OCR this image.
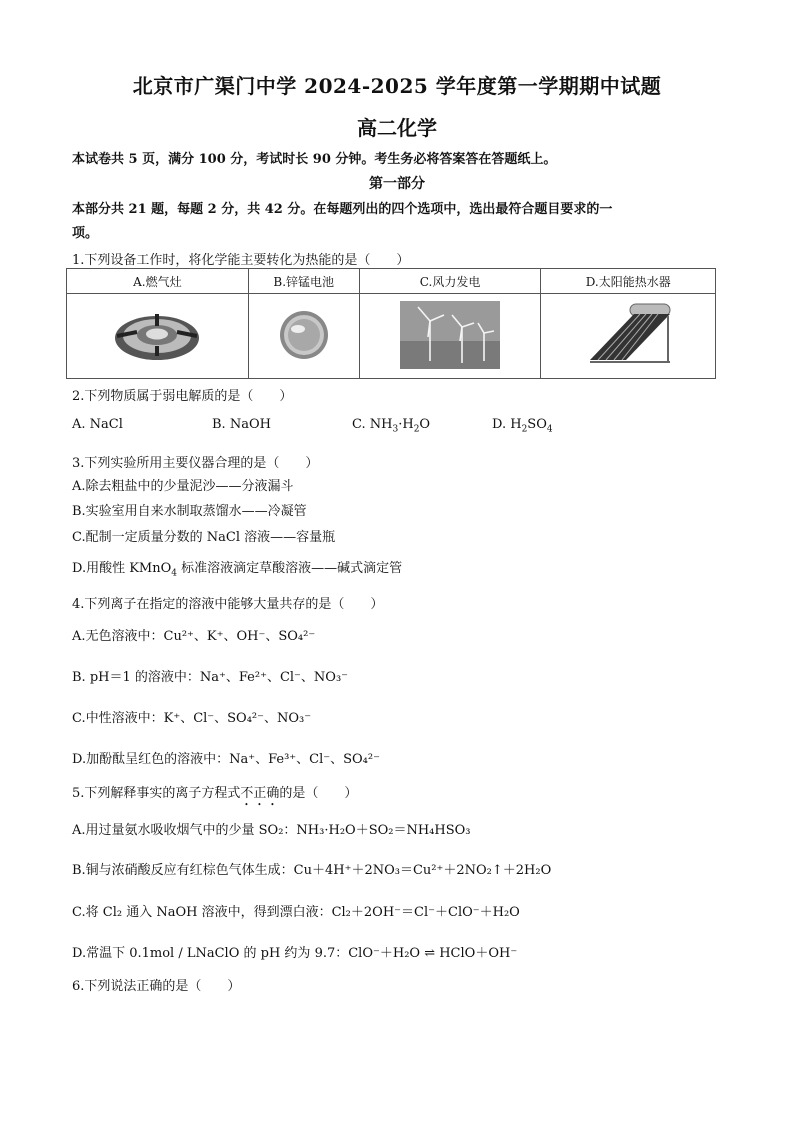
北京市广渠门中学 2024-2025 学年度第一学期期中试题
高二化学
本试卷共 5 页，满分 100 分，考试时长 90 分钟。考生务必将答案答在答题纸上。
第一部分
本部分共 21 题，每题 2 分，共 42 分。在每题列出的四个选项中，选出最符合题目要求的一
项。
1.下列设备工作时，将化学能主要转化为热能的是（　　）
A.燃气灶	B.锌锰电池	C.风力发电	D.太阳能热水器

2.下列物质属于弱电解质的是（　　）
A. NaCl	B. NaOH	C. $NH_3\cdot H_2O$	D. $H_2SO_4$
3.下列实验所用主要仪器合理的是（　　）
A.除去粗盐中的少量泥沙——分液漏斗
B.实验室用自来水制取蒸馏水——冷凝管
C.配制一定质量分数的 NaCl 溶液——容量瓶
D.用酸性 KMnO$_4$ 标准溶液滴定草酸溶液——碱式滴定管
4.下列离子在指定的溶液中能够大量共存的是（　　）
A.无色溶液中：Cu²⁺、K⁺、OH⁻、SO₄²⁻
B. pH＝1 的溶液中：Na⁺、Fe²⁺、Cl⁻、NO₃⁻
C.中性溶液中：K⁺、Cl⁻、SO₄²⁻、NO₃⁻
D.加酚酞呈红色的溶液中：Na⁺、Fe³⁺、Cl⁻、SO₄²⁻
5.下列解释事实的离子方程式不正确的是（　　）
A.用过量氨水吸收烟气中的少量 SO₂：NH₃·H₂O＋SO₂＝NH₄HSO₃
B.铜与浓硝酸反应有红棕色气体生成：Cu＋4H⁺＋2NO₃＝Cu²⁺＋2NO₂↑＋2H₂O
C.将 Cl₂ 通入 NaOH 溶液中，得到漂白液：Cl₂＋2OH⁻＝Cl⁻＋ClO⁻＋H₂O
D.常温下 0.1mol / LNaClO 的 pH 约为 9.7：ClO⁻＋H₂O ⇌ HClO＋OH⁻
6.下列说法正确的是（　　）
